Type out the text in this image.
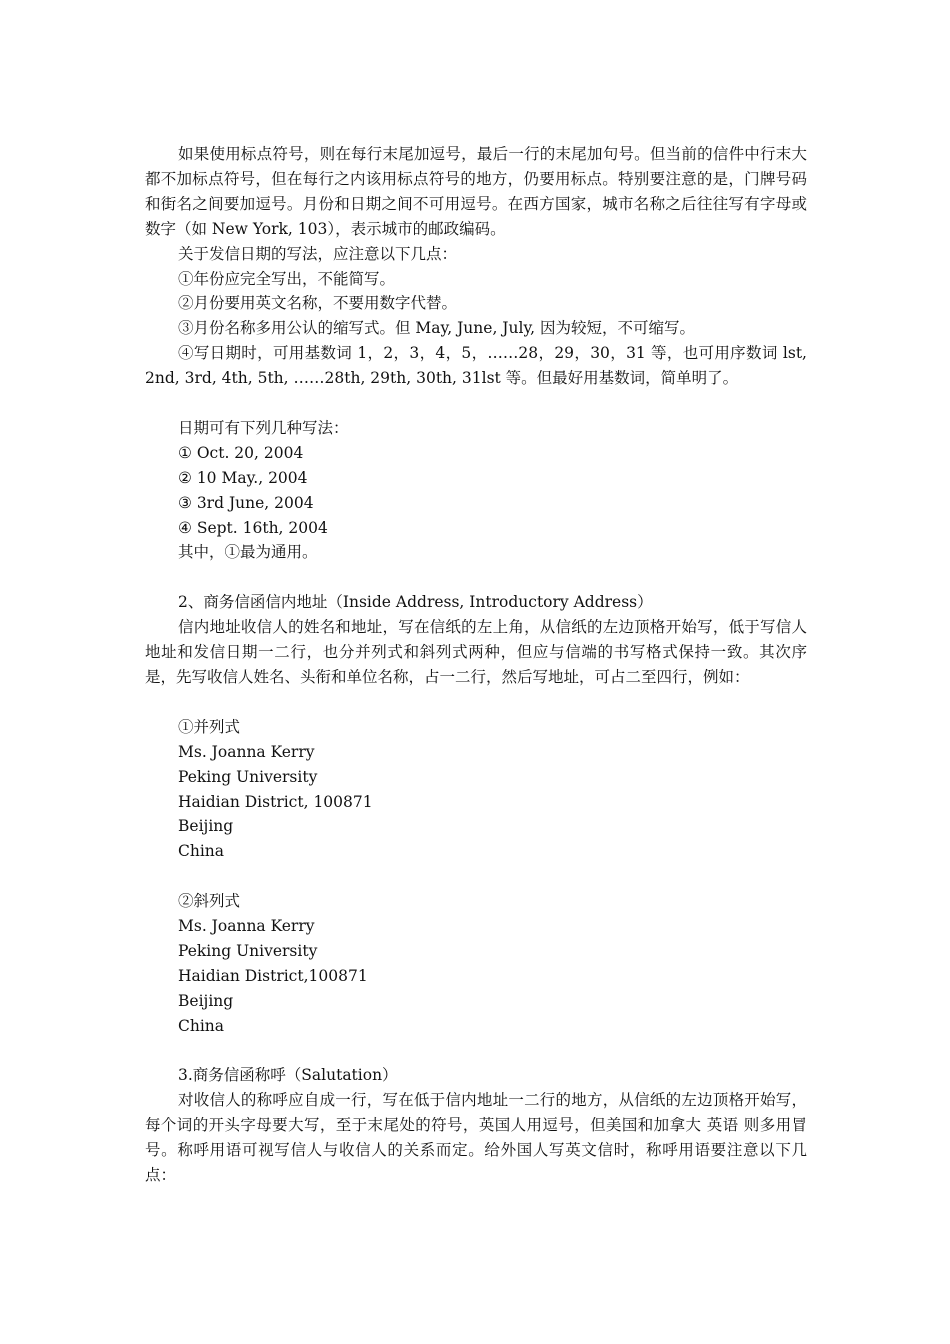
如果使用标点符号，则在每行末尾加逗号，最后一行的末尾加句号。但当前的信件中行末大都不加标点符号，但在每行之内该用标点符号的地方，仍要用标点。特别要注意的是，门牌号码和街名之间要加逗号。月份和日期之间不可用逗号。在西方国家，城市名称之后往往写有字母或数字（如 New York, 103），表示城市的邮政编码。

关于发信日期的写法，应注意以下几点：

①年份应完全写出，不能简写。

②月份要用英文名称，不要用数字代替。

③月份名称多用公认的缩写式。但 May, June, July, 因为较短，不可缩写。

④写日期时，可用基数词 1，2，3，4，5，……28，29，30，31 等，也可用序数词 lst, 2nd, 3rd, 4th, 5th, ……28th, 29th, 30th, 31lst 等。但最好用基数词，简单明了。

日期可有下列几种写法：

① Oct. 20, 2004

② 10 May., 2004

③ 3rd June, 2004

④ Sept. 16th, 2004

其中，①最为通用。

2、商务信函信内地址（Inside Address, Introductory Address）

信内地址收信人的姓名和地址，写在信纸的左上角，从信纸的左边顶格开始写，低于写信人地址和发信日期一二行，也分并列式和斜列式两种，但应与信端的书写格式保持一致。其次序是，先写收信人姓名、头衔和单位名称，占一二行，然后写地址，可占二至四行，例如：

①并列式

Ms. Joanna Kerry

Peking University

Haidian District, 100871

Beijing

China

②斜列式

Ms. Joanna Kerry

Peking University

Haidian District,100871

Beijing

China

3.商务信函称呼（Salutation）

对收信人的称呼应自成一行，写在低于信内地址一二行的地方，从信纸的左边顶格开始写，每个词的开头字母要大写，至于末尾处的符号，英国人用逗号，但美国和加拿大 英语 则多用冒号。称呼用语可视写信人与收信人的关系而定。给外国人写英文信时，称呼用语要注意以下几点：
